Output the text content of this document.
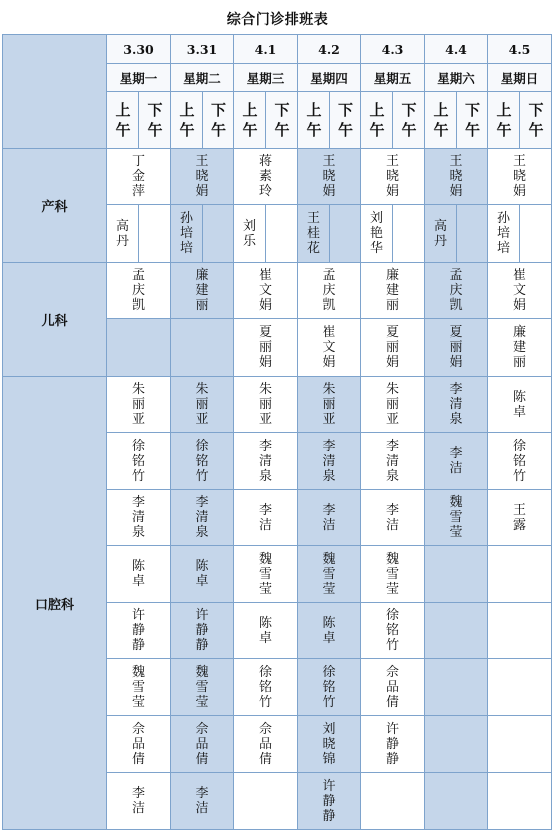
综合门诊排班表
	3.30		3.31		4.1		4.2		4.3		4.4		4.5	
	星期一		星期二		星期三		星期四		星期五		星期六		星期日	
	上午	下午	上午	下午	上午	下午	上午	下午	上午	下午	上午	下午	上午	下午
产科	丁金萍		王晓娟		蒋素玲		王晓娟		王晓娟		王晓娟		王晓娟	
	高丹		孙培培		刘乐		王桂花		刘艳华		高丹		孙培培	
儿科	孟庆凯		廉建丽		崔文娟		孟庆凯		廉建丽		孟庆凯		崔文娟	
					夏丽娟		崔文娟		夏丽娟		夏丽娟		廉建丽	
口腔科	朱丽亚		朱丽亚		朱丽亚		朱丽亚		朱丽亚		李清泉		陈卓	
	徐铭竹		徐铭竹		李清泉		李清泉		李清泉		李洁		徐铭竹	
	李清泉		李清泉		李洁		李洁		李洁		魏雪莹		王露	
	陈卓		陈卓		魏雪莹		魏雪莹		魏雪莹					
	许静静		许静静		陈卓		陈卓		徐铭竹					
	魏雪莹		魏雪莹		徐铭竹		徐铭竹		佘品倩					
	佘品倩		佘品倩		佘品倩		刘晓锦		许静静					
	李洁		李洁				许静静							
